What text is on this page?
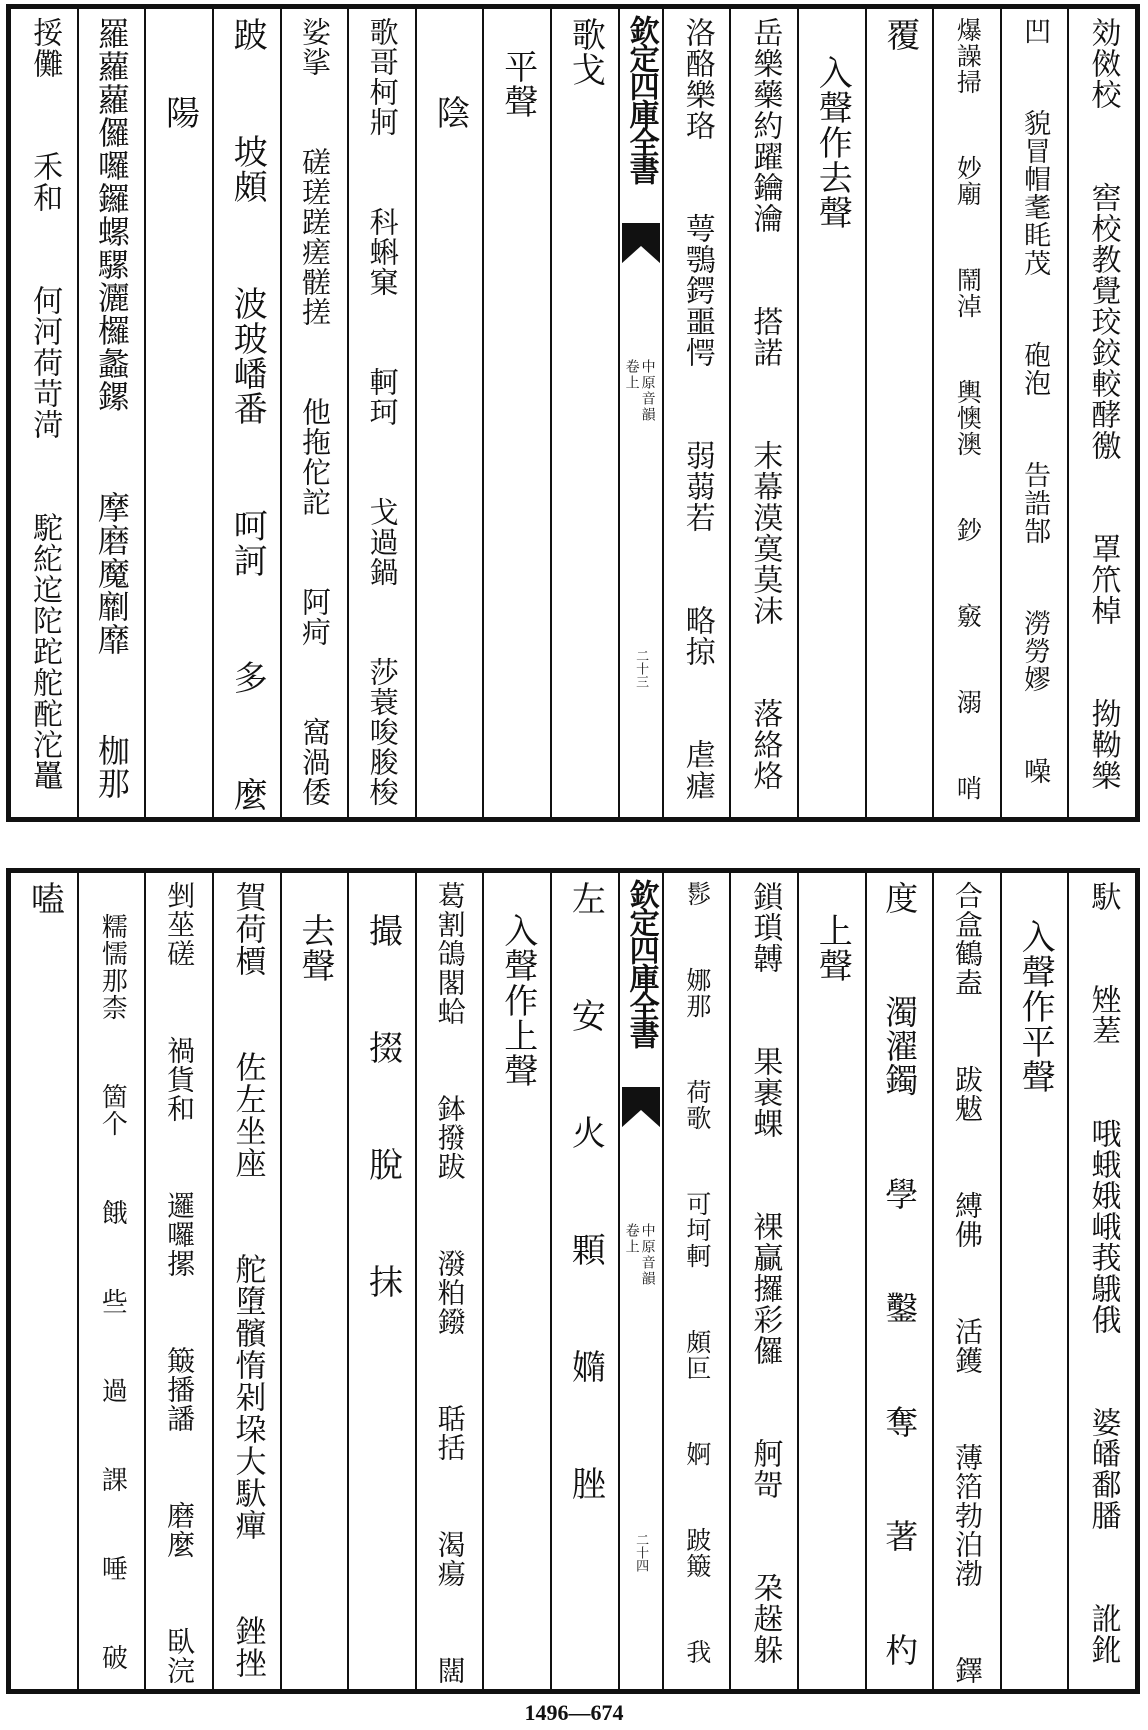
効傚校  窖校教覺珓鉸較酵徼  罩笊棹  拗靿樂
凹  貌冒帽耄眊茂  砲泡  告誥郜  澇勞嫪  噪
爆譟掃  妙廟  鬧淖  輿懊澳  鈔  竅  溺  哨
覆
入聲作去聲
岳樂藥約躍鑰瀹  搭諾  末幕漠寞莫沫  落絡烙
洛酪樂珞  萼鶚鍔噩愕  弱蒻若  略掠  虐瘧
欽定四庫全書
中原音韻
卷上
二十三
歌戈
平聲
陰
歌哥柯牁  科蝌窠  軻珂  戈過鍋  莎蓑唆脧梭
娑挲  磋瑳蹉瘥髊搓  他拖佗詑  阿疴  窩渦倭
跛  坡頗  波玻嶓番  呵訶  多  麼
陽
羅蘿蘿儸囉鑼螺騾灑欏蠡鏍  摩磨魔劘靡  枷那
挼儺  禾和  何河荷苛渮  駝紽迱陀跎舵酡沱鼉
馱  矬蒫  哦蛾娥峨莪䳘俄  婆皤鄱膰  訛鈋
入聲作平聲
合盒鶴盍  跋魃  縛佛  活鑊  薄箔勃泊渤  鐸
度  濁濯鐲  學  鑿  奪  著  杓
上聲
鎖瑣䪙  果裹蜾  裸贏攞彩儸  舸哿  朶趓躲
髿  娜那  荷歌  可坷軻  頗叵  婀  跛簸  我
欽定四庫全書
中原音韻
卷上
二十四
左  安  火  顆  嫷  脞
入聲作上聲
葛割鴿閣蛤  鉢撥跋  潑粕鏺  聒括  渴瘍  闊
撮  掇  脫  抹
去聲
賀荷檟  佐左坐座  舵墮髕惰剁垜大馱癉  銼挫
剉莝磋  禍貨和  邏囉摞  簸播譒  磨麼  臥浣
糯懦那柰  箇个  餓  些  過  課  唾  破
嗑
1496—674
